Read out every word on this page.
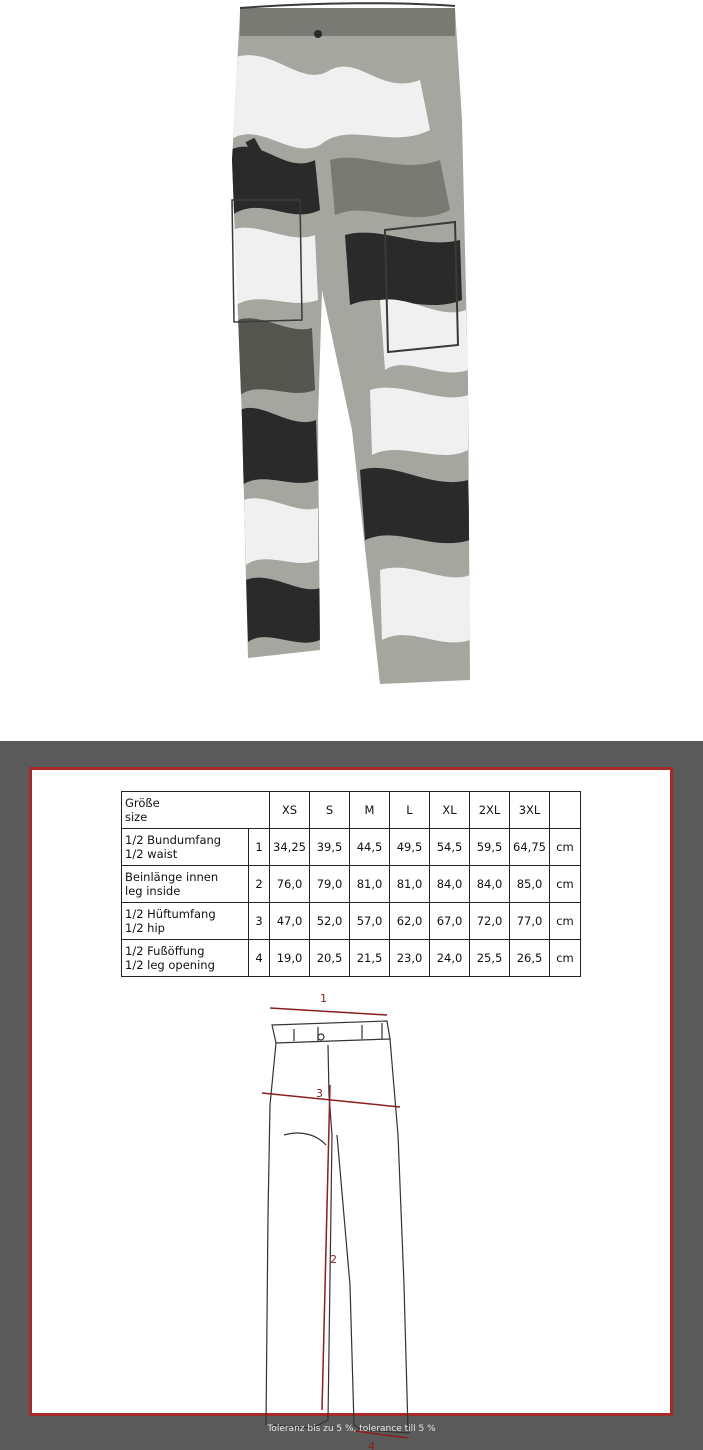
Größe
size		XS	S	M	L	XL	2XL	3XL	
1/2 Bundumfang
1/2 waist	1	34,25	39,5	44,5	49,5	54,5	59,5	64,75	cm
Beinlänge innen
leg inside	2	76,0	79,0	81,0	81,0	84,0	84,0	85,0	cm
1/2 Hüftumfang
1/2 hip	3	47,0	52,0	57,0	62,0	67,0	72,0	77,0	cm
1/2 Fußöffung
1/2 leg opening	4	19,0	20,5	21,5	23,0	24,0	25,5	26,5	cm
1
3
2
4
Toleranz bis zu 5 %, tolerance till 5 %
